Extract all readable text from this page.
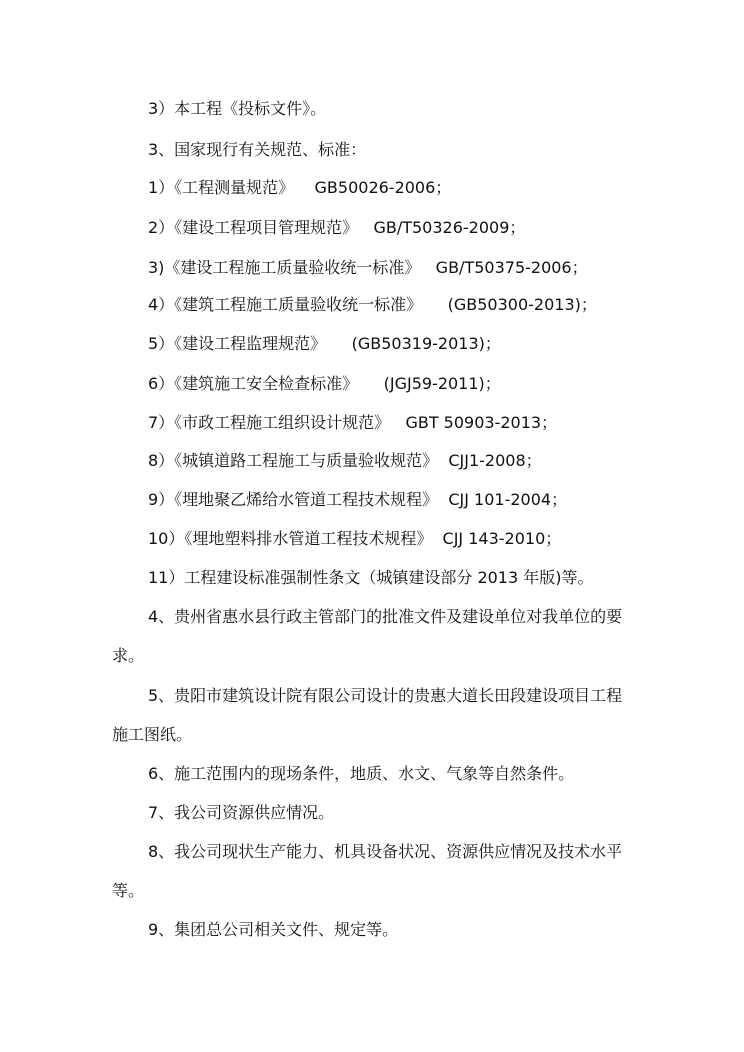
3）本工程《投标文件》。
3、国家现行有关规范、标准：
1）《工程测量规范》    GB50026-2006；
2）《建设工程项目管理规范》   GB/T50326-2009；
3)《建设工程施工质量验收统一标准》   GB/T50375-2006；
4）《建筑工程施工质量验收统一标准》     (GB50300-2013)；
5）《建设工程监理规范》     (GB50319-2013)；
6）《建筑施工安全检查标准》     (JGJ59-2011)；
7）《市政工程施工组织设计规范》   GBT 50903-2013；
8）《城镇道路工程施工与质量验收规范》  CJJ1-2008；
9）《埋地聚乙烯给水管道工程技术规程》  CJJ 101-2004；
10）《埋地塑料排水管道工程技术规程》  CJJ 143-2010；
11）工程建设标准强制性条文（城镇建设部分 2013 年版)等。
4、贵州省惠水县行政主管部门的批准文件及建设单位对我单位的要
求。
5、贵阳市建筑设计院有限公司设计的贵惠大道长田段建设项目工程
施工图纸。
6、施工范围内的现场条件，地质、水文、气象等自然条件。
7、我公司资源供应情况。
8、我公司现状生产能力、机具设备状况、资源供应情况及技术水平
等。
9、集团总公司相关文件、规定等。
